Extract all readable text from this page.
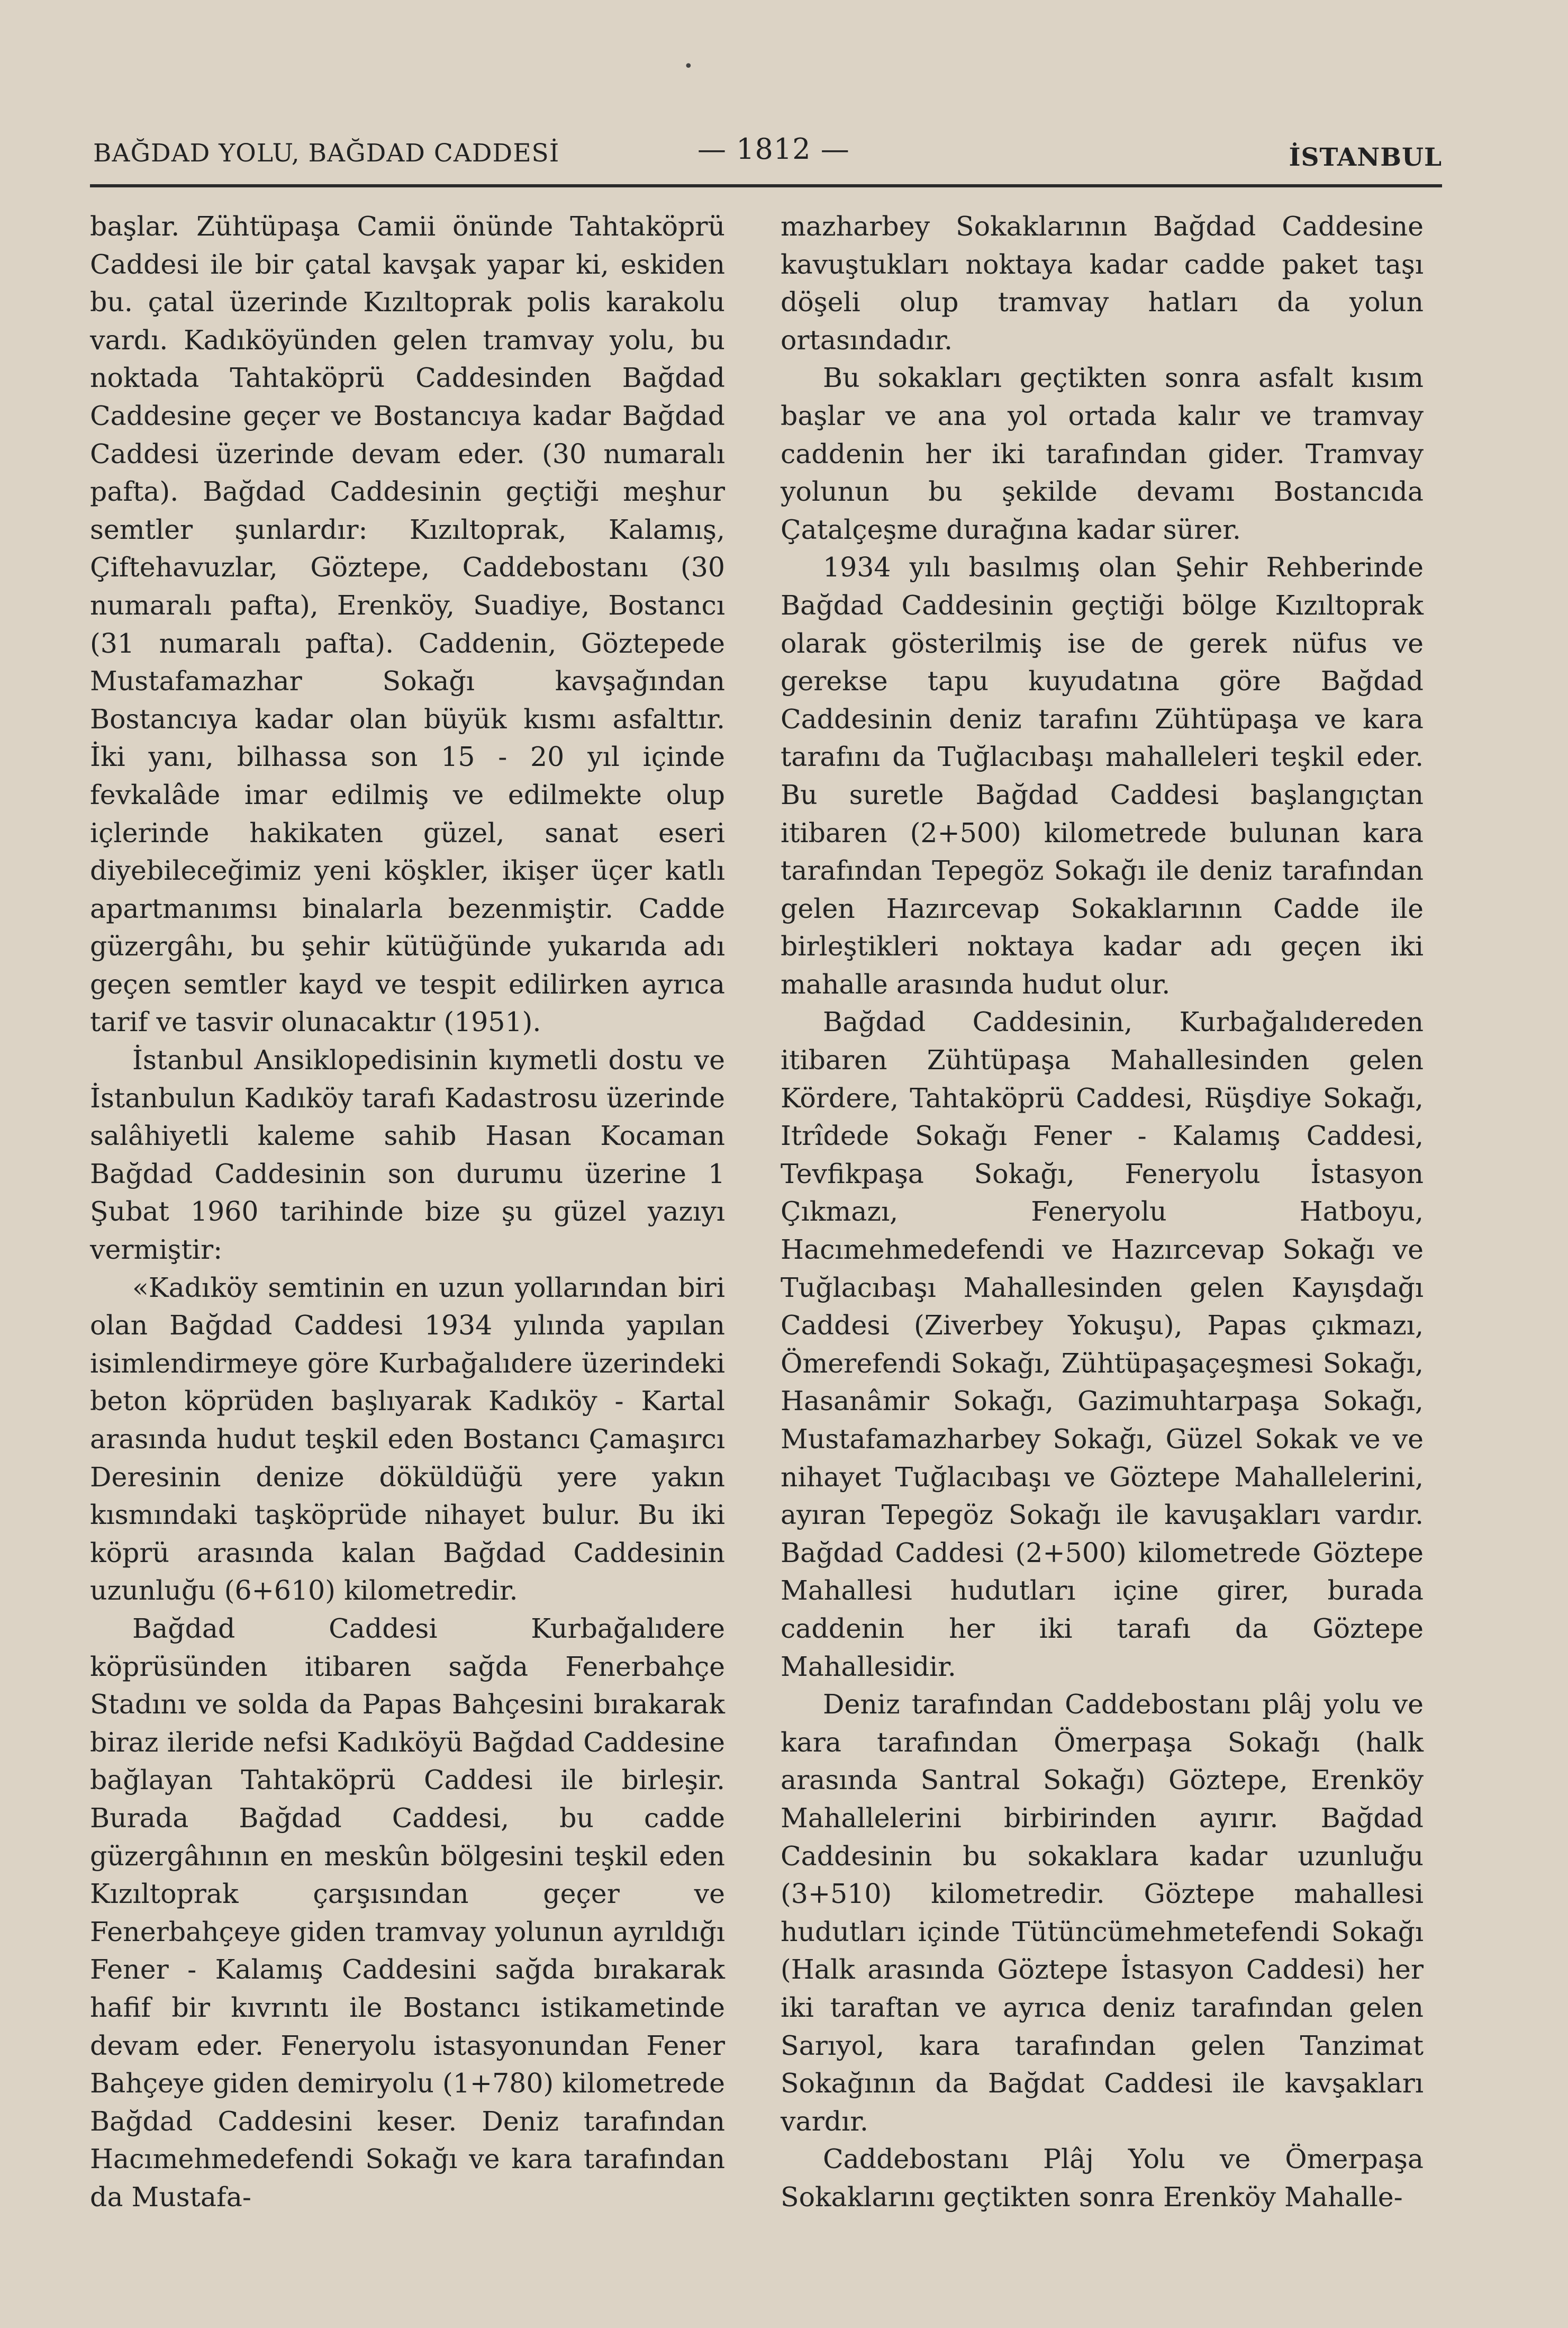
•
BAĞDAD YOLU, BAĞDAD CADDESİ	— 1812 —	İSTANBUL

başlar. Zühtüpaşa Camii önünde Tahtaköprü Caddesi ile bir çatal kavşak yapar ki, eskiden bu. çatal üzerinde Kızıltoprak polis karakolu vardı. Kadıköyünden gelen tramvay yolu, bu noktada Tahtaköprü Caddesinden Bağdad Caddesine geçer ve Bostancıya kadar Bağdad Caddesi üzerinde devam eder. (30 numaralı pafta). Bağdad Caddesinin geçtiği meşhur semtler şunlardır: Kızıltoprak, Kalamış, Çiftehavuzlar, Göztepe, Caddebostanı (30 numaralı pafta), Erenköy, Suadiye, Bostancı (31 numaralı pafta). Caddenin, Göztepede Mustafamazhar Sokağı kavşağından Bostancıya kadar olan büyük kısmı asfalttır. İki yanı, bilhassa son 15 - 20 yıl içinde fevkalâde imar edilmiş ve edilmekte olup içlerinde hakikaten güzel, sanat eseri diyebileceğimiz yeni köşkler, ikişer üçer katlı apartmanımsı binalarla bezenmiştir. Cadde güzergâhı, bu şehir kütüğünde yukarıda adı geçen semtler kayd ve tespit edilirken ayrıca tarif ve tasvir olunacaktır (1951).

İstanbul Ansiklopedisinin kıymetli dostu ve İstanbulun Kadıköy tarafı Kadastrosu üzerinde salâhiyetli kaleme sahib Hasan Kocaman Bağdad Caddesinin son durumu üzerine 1 Şubat 1960 tarihinde bize şu güzel yazıyı vermiştir:

«Kadıköy semtinin en uzun yollarından biri olan Bağdad Caddesi 1934 yılında yapılan isimlendirmeye göre Kurbağalıdere üzerindeki beton köprüden başlıyarak Kadıköy - Kartal arasında hudut teşkil eden Bostancı Çamaşırcı Deresinin denize döküldüğü yere yakın kısmındaki taşköprüde nihayet bulur. Bu iki köprü arasında kalan Bağdad Caddesinin uzunluğu (6+610) kilometredir.

Bağdad Caddesi Kurbağalıdere köprüsünden itibaren sağda Fenerbahçe Stadını ve solda da Papas Bahçesini bırakarak biraz ileride nefsi Kadıköyü Bağdad Caddesine bağlayan Tahtaköprü Caddesi ile birleşir. Burada Bağdad Caddesi, bu cadde güzergâhının en meskûn bölgesini teşkil eden Kızıltoprak çarşısından geçer ve Fenerbahçeye giden tramvay yolunun ayrıldığı Fener - Kalamış Caddesini sağda bırakarak hafif bir kıvrıntı ile Bostancı istikametinde devam eder. Feneryolu istasyonundan Fener Bahçeye giden demiryolu (1+780) kilometrede Bağdad Caddesini keser. Deniz tarafından Hacımehmedefendi Sokağı ve kara tarafından da Mustafa-

mazharbey Sokaklarının Bağdad Caddesine kavuştukları noktaya kadar cadde paket taşı döşeli olup tramvay hatları da yolun ortasındadır.

Bu sokakları geçtikten sonra asfalt kısım başlar ve ana yol ortada kalır ve tramvay caddenin her iki tarafından gider. Tramvay yolunun bu şekilde devamı Bostancıda Çatalçeşme durağına kadar sürer.

1934 yılı basılmış olan Şehir Rehberinde Bağdad Caddesinin geçtiği bölge Kızıltoprak olarak gösterilmiş ise de gerek nüfus ve gerekse tapu kuyudatına göre Bağdad Caddesinin deniz tarafını Zühtüpaşa ve kara tarafını da Tuğlacıbaşı mahalleleri teşkil eder. Bu suretle Bağdad Caddesi başlangıçtan itibaren (2+500) kilometrede bulunan kara tarafından Tepegöz Sokağı ile deniz tarafından gelen Hazırcevap Sokaklarının Cadde ile birleştikleri noktaya kadar adı geçen iki mahalle arasında hudut olur.

Bağdad Caddesinin, Kurbağalıdereden itibaren Zühtüpaşa Mahallesinden gelen Kördere, Tahtaköprü Caddesi, Rüşdiye Sokağı, Itrîdede Sokağı Fener - Kalamış Caddesi, Tevfikpaşa Sokağı, Feneryolu İstasyon Çıkmazı, Feneryolu Hatboyu, Hacımehmedefendi ve Hazırcevap Sokağı ve Tuğlacıbaşı Mahallesinden gelen Kayışdağı Caddesi (Ziverbey Yokuşu), Papas çıkmazı, Ömerefendi Sokağı, Zühtüpaşaçeşmesi Sokağı, Hasanâmir Sokağı, Gazimuhtarpaşa Sokağı, Mustafamazharbey Sokağı, Güzel Sokak ve ve nihayet Tuğlacıbaşı ve Göztepe Mahallelerini, ayıran Tepegöz Sokağı ile kavuşakları vardır. Bağdad Caddesi (2+500) kilometrede Göztepe Mahallesi hudutları içine girer, burada caddenin her iki tarafı da Göztepe Mahallesidir.

Deniz tarafından Caddebostanı plâj yolu ve kara tarafından Ömerpaşa Sokağı (halk arasında Santral Sokağı) Göztepe, Erenköy Mahallelerini birbirinden ayırır. Bağdad Caddesinin bu sokaklara kadar uzunluğu (3+510) kilometredir. Göztepe mahallesi hudutları içinde Tütüncümehmetefendi Sokağı (Halk arasında Göztepe İstasyon Caddesi) her iki taraftan ve ayrıca deniz tarafından gelen Sarıyol, kara tarafından gelen Tanzimat Sokağının da Bağdat Caddesi ile kavşakları vardır.

Caddebostanı Plâj Yolu ve Ömerpaşa Sokaklarını geçtikten sonra Erenköy Mahalle-
